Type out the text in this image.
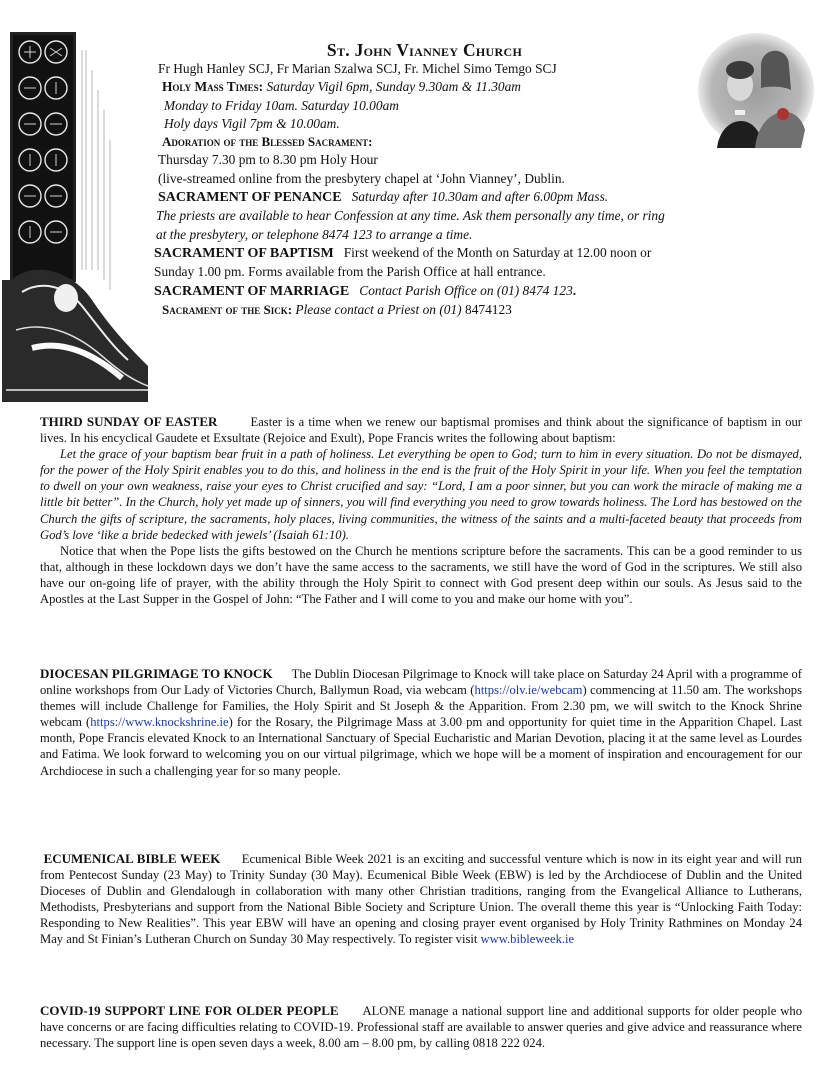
St. John Vianney Church
Fr Hugh Hanley SCJ, Fr Marian Szalwa SCJ, Fr. Michel Simo Temgo SCJ
Holy Mass Times: Saturday Vigil 6pm, Sunday 9.30am & 11.30am
Monday to Friday 10am. Saturday 10.00am
Holy days Vigil 7pm & 10.00am.
Adoration of the Blessed Sacrament:
Thursday 7.30 pm to 8.30 pm Holy Hour
(live-streamed online from the presbytery chapel at ‘John Vianney’, Dublin.
SACRAMENT OF PENANCE Saturday after 10.30am and after 6.00pm Mass.
The priests are available to hear Confession at any time. Ask them personally any time, or ring
at the presbytery, or telephone 8474 123 to arrange a time.
SACRAMENT OF BAPTISM First weekend of the Month on Saturday at 12.00 noon or
Sunday 1.00 pm. Forms available from the Parish Office at hall entrance.
SACRAMENT OF MARRIAGE Contact Parish Office on (01) 8474 123.
Sacrament of the Sick: Please contact a Priest on (01) 8474123

THIRD SUNDAY OF EASTER	Easter is a time when we renew our baptismal promises and think about the significance of baptism in our lives. In his encyclical Gaudete et Exsultate (Rejoice and Exult), Pope Francis writes the following about baptism:

Let the grace of your baptism bear fruit in a path of holiness. Let everything be open to God; turn to him in every situation. Do not be dismayed, for the power of the Holy Spirit enables you to do this, and holiness in the end is the fruit of the Holy Spirit in your life. When you feel the temptation to dwell on your own weakness, raise your eyes to Christ crucified and say: “Lord, I am a poor sinner, but you can work the miracle of making me a little bit better”. In the Church, holy yet made up of sinners, you will find everything you need to grow towards holiness. The Lord has bestowed on the Church the gifts of scripture, the sacraments, holy places, living communities, the witness of the saints and a multi-faceted beauty that proceeds from God’s love ‘like a bride bedecked with jewels’ (Isaiah 61:10).

Notice that when the Pope lists the gifts bestowed on the Church he mentions scripture before the sacraments. This can be a good reminder to us that, although in these lockdown days we don’t have the same access to the sacraments, we still have the word of God in the scriptures. We still also have our on-going life of prayer, with the ability through the Holy Spirit to connect with God present deep within our souls. As Jesus said to the Apostles at the Last Supper in the Gospel of John: “The Father and I will come to you and make our home with you”.

DIOCESAN PILGRIMAGE TO KNOCK The Dublin Diocesan Pilgrimage to Knock will take place on Saturday 24 April with a programme of online workshops from Our Lady of Victories Church, Ballymun Road, via webcam (https://olv.ie/webcam) commencing at 11.50 am. The workshops themes will include Challenge for Families, the Holy Spirit and St Joseph & the Apparition. From 2.30 pm, we will switch to the Knock Shrine webcam (https://www.knockshrine.ie) for the Rosary, the Pilgrimage Mass at 3.00 pm and opportunity for quiet time in the Apparition Chapel. Last month, Pope Francis elevated Knock to an International Sanctuary of Special Eucharistic and Marian Devotion, placing it at the same level as Lourdes and Fatima. We look forward to welcoming you on our virtual pilgrimage, which we hope will be a moment of inspiration and encouragement for our Archdiocese in such a challenging year for so many people.

ECUMENICAL BIBLE WEEK Ecumenical Bible Week 2021 is an exciting and successful venture which is now in its eight year and will run from Pentecost Sunday (23 May) to Trinity Sunday (30 May). Ecumenical Bible Week (EBW) is led by the Archdiocese of Dublin and the United Dioceses of Dublin and Glendalough in collaboration with many other Christian traditions, ranging from the Evangelical Alliance to Lutherans, Methodists, Presbyterians and support from the National Bible Society and Scripture Union. The overall theme this year is “Unlocking Faith Today: Responding to New Realities”. This year EBW will have an opening and closing prayer event organised by Holy Trinity Rathmines on Monday 24 May and St Finian’s Lutheran Church on Sunday 30 May respectively. To register visit www.bibleweek.ie

COVID-19 SUPPORT LINE FOR OLDER PEOPLE ALONE manage a national support line and additional supports for older people who have concerns or are facing difficulties relating to COVID-19. Professional staff are available to answer queries and give advice and reassurance where necessary. The support line is open seven days a week, 8.00 am – 8.00 pm, by calling 0818 222 024.
